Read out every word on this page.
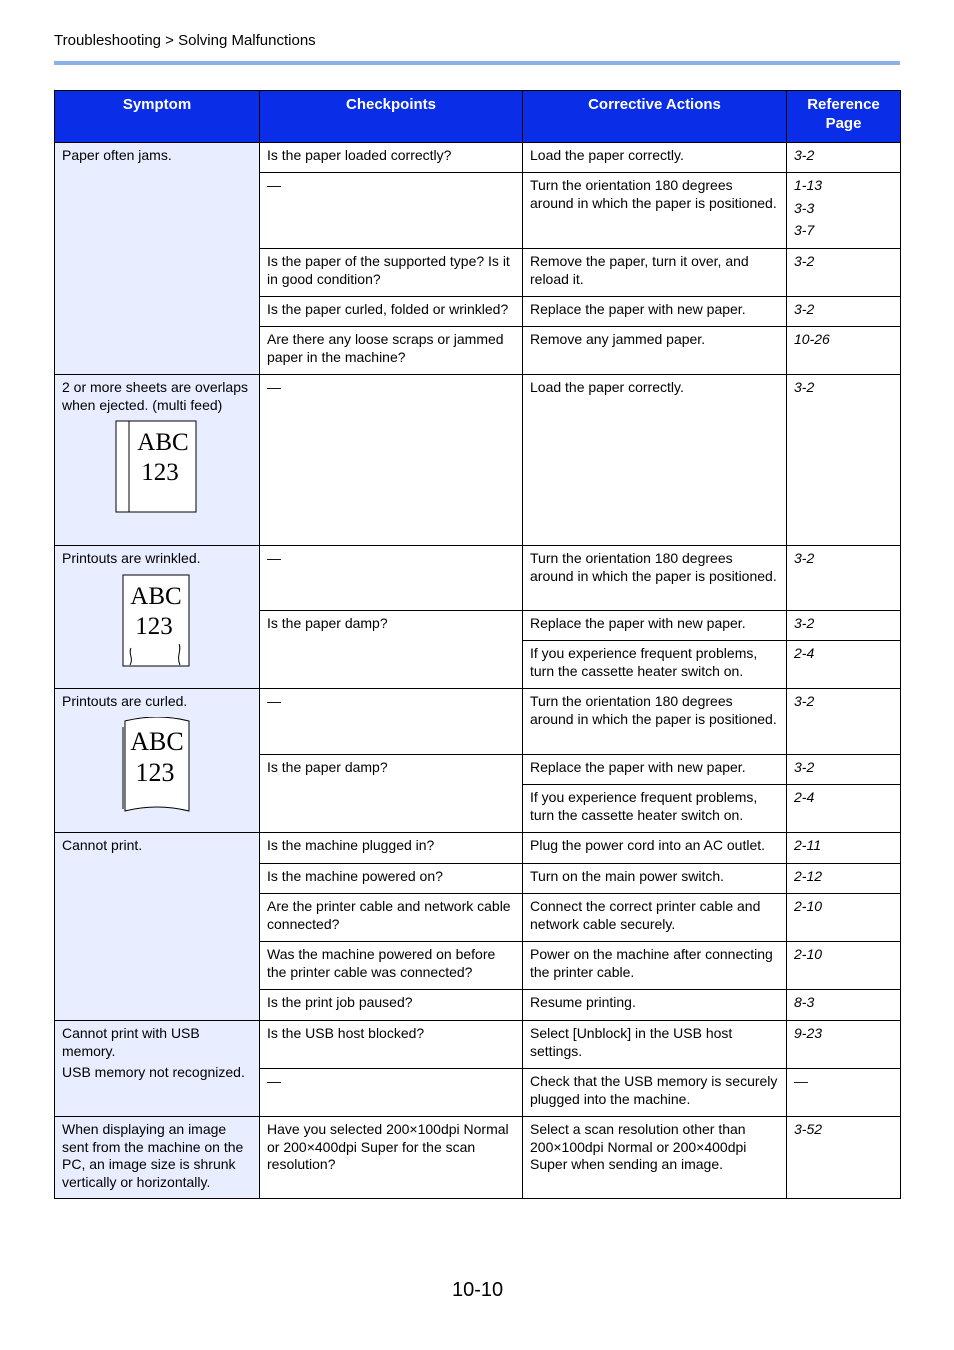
Troubleshooting > Solving Malfunctions
Symptom	Checkpoints	Corrective Actions	Reference Page

Paper often jams.	Is the paper loaded correctly?	Load the paper correctly.	3-2

	—	Turn the orientation 180 degrees around in which the paper is positioned.	1-13
3-3
3-7

	Is the paper of the supported type? Is it in good condition?	Remove the paper, turn it over, and reload it.	3-2

	Is the paper curled, folded or wrinkled?	Replace the paper with new paper.	3-2

	Are there any loose scraps or jammed paper in the machine?	Remove any jammed paper.	10-26

2 or more sheets are overlaps when ejected. (multi feed)
ABC
123	—	Load the paper correctly.	3-2

Printouts are wrinkled.
ABC
123	—	Turn the orientation 180 degrees around in which the paper is positioned.	3-2

	Is the paper damp?	Replace the paper with new paper.	3-2

		If you experience frequent problems, turn the cassette heater switch on.	2-4

Printouts are curled.
ABC
123	—	Turn the orientation 180 degrees around in which the paper is positioned.	3-2

	Is the paper damp?	Replace the paper with new paper.	3-2

		If you experience frequent problems, turn the cassette heater switch on.	2-4

Cannot print.	Is the machine plugged in?	Plug the power cord into an AC outlet.	2-11

	Is the machine powered on?	Turn on the main power switch.	2-12

	Are the printer cable and network cable connected?	Connect the correct printer cable and network cable securely.	2-10

	Was the machine powered on before the printer cable was connected?	Power on the machine after connecting the printer cable.	2-10

	Is the print job paused?	Resume printing.	8-3

Cannot print with USB memory.
USB memory not recognized.	Is the USB host blocked?	Select [Unblock] in the USB host settings.	9-23

	—	Check that the USB memory is securely plugged into the machine.	—

When displaying an image sent from the machine on the PC, an image size is shrunk vertically or horizontally.	Have you selected 200×100dpi Normal or 200×400dpi Super for the scan resolution?	Select a scan resolution other than 200×100dpi Normal or 200×400dpi Super when sending an image.	3-52
10-10
